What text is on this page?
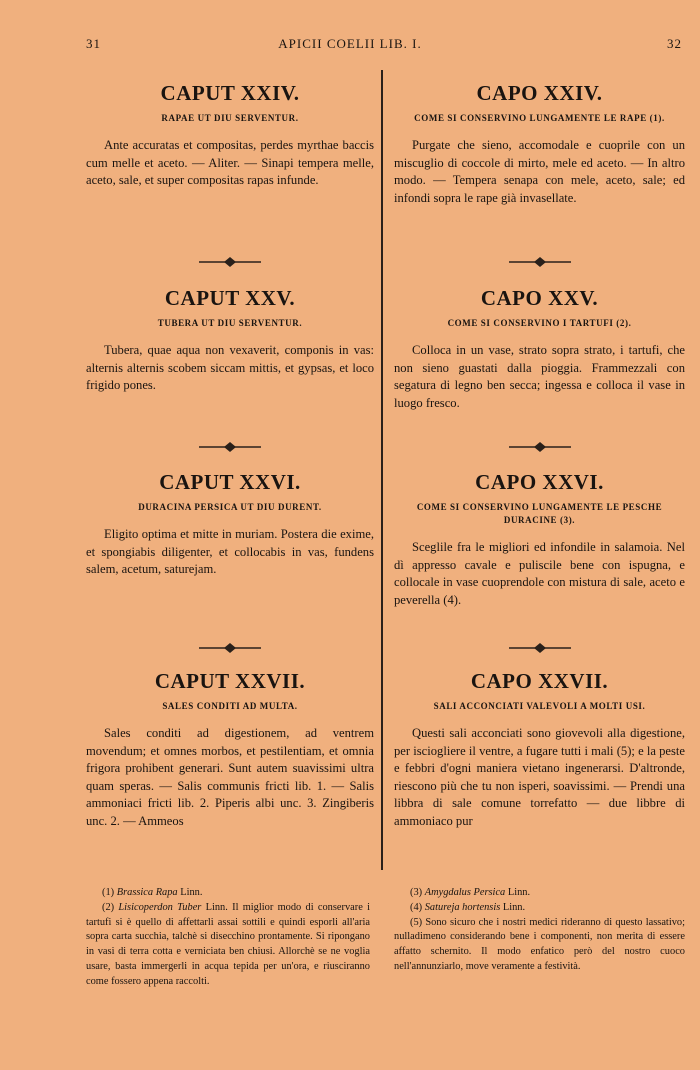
31	APICII COELII LIB. I.	32
CAPUT XXIV.
RAPAE UT DIU SERVENTUR.
Ante accuratas et compositas, perdes myrthae baccis cum melle et aceto. — Aliter. — Sinapi tempera melle, aceto, sale, et super compositas rapas infunde.
CAPUT XXV.
TUBERA UT DIU SERVENTUR.
Tubera, quae aqua non vexaverit, componis in vas: alternis alternis scobem siccam mittis, et gypsas, et loco frigido pones.
CAPUT XXVI.
DURACINA PERSICA UT DIU DURENT.
Eligito optima et mitte in muriam. Postera die exime, et spongiabis diligenter, et collocabis in vas, fundens salem, acetum, saturejam.
CAPUT XXVII.
SALES CONDITI AD MULTA.
Sales conditi ad digestionem, ad ventrem movendum; et omnes morbos, et pestilentiam, et omnia frigora prohibent generari. Sunt autem suavissimi ultra quam speras. — Salis communis fricti lib. 1. — Salis ammoniaci fricti lib. 2. Piperis albi unc. 3. Zingiberis unc. 2. — Ammeos
CAPO XXIV.
COME SI CONSERVINO LUNGAMENTE LE RAPE (1).
Purgate che sieno, accomodale e cuoprile con un miscuglio di coccole di mirto, mele ed aceto. — In altro modo. — Tempera senapa con mele, aceto, sale; ed infondi sopra le rape già invasellate.
CAPO XXV.
COME SI CONSERVINO I TARTUFI (2).
Colloca in un vase, strato sopra strato, i tartufi, che non sieno guastati dalla pioggia. Frammezzali con segatura di legno ben secca; ingessa e colloca il vase in luogo fresco.
CAPO XXVI.
COME SI CONSERVINO LUNGAMENTE LE PESCHE DURACINE (3).
Sceglile fra le migliori ed infondile in salamoia. Nel dì appresso cavale e puliscile bene con ispugna, e collocale in vase cuoprendole con mistura di sale, aceto e peverella (4).
CAPO XXVII.
SALI ACCONCIATI VALEVOLI A MOLTI USI.
Questi sali acconciati sono giovevoli alla digestione, per isciogliere il ventre, a fugare tutti i mali (5); e la peste e febbri d'ogni maniera vietano ingenerarsi. D'altronde, riescono più che tu non isperi, soavissimi. — Prendi una libbra di sale comune torrefatto — due libbre di ammoniaco pur

(1) Brassica Rapa Linn.

(2) Lisicoperdon Tuber Linn. Il miglior modo di conservare i tartufi si è quello di affettarli assai sottili e quindi esporli all'aria sopra carta succhia, talchè si disecchino prontamente. Si ripongano in vasi di terra cotta e verniciata ben chiusi. Allorchè se ne voglia usare, basta immergerli in acqua tepida per un'ora, e riusciranno come fossero appena raccolti.

(3) Amygdalus Persica Linn.

(4) Satureja hortensis Linn.

(5) Sono sicuro che i nostri medici rideranno di questo lassativo; nulladimeno considerando bene i componenti, non merita di essere affatto schernito. Il modo enfatico però del nostro cuoco nell'annunziarlo, move veramente a festività.
